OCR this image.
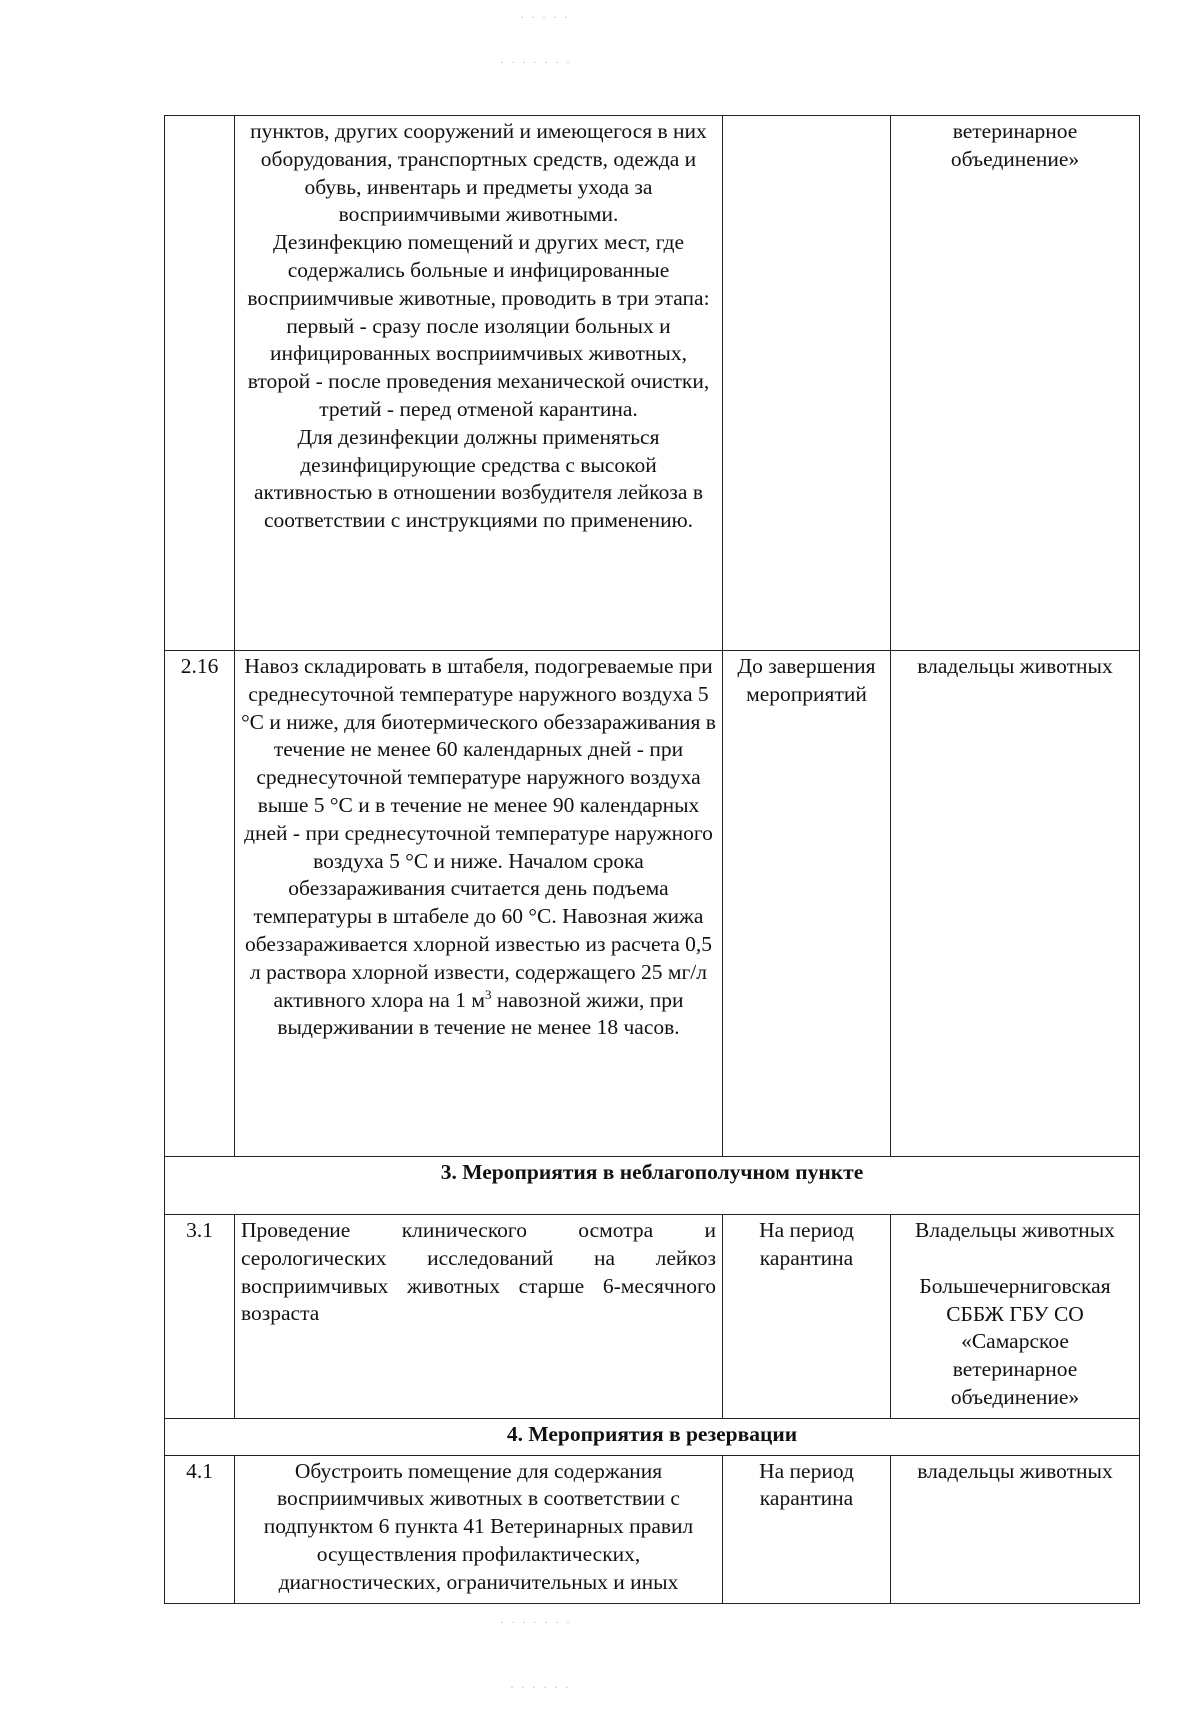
· · · · ·
· · · · · · ·
· · · · · · ·
· · · · · ·

	пунктов, других сооружений и имеющегося в них оборудования, транспортных средств, одежда и обувь, инвентарь и предметы ухода за восприимчивыми животными.
Дезинфекцию помещений и других мест, где содержались больные и инфицированные восприимчивые животные, проводить в три этапа: первый - сразу после изоляции больных и инфицированных восприимчивых животных, второй - после проведения механической очистки, третий - перед отменой карантина.
Для дезинфекции должны применяться дезинфицирующие средства с высокой активностью в отношении возбудителя лейкоза в соответствии с инструкциями по применению.		ветеринарное объединение»
2.16	Навоз складировать в штабеля, подогреваемые при среднесуточной температуре наружного воздуха 5 °С и ниже, для биотермического обеззараживания в течение не менее 60 календарных дней - при среднесуточной температуре наружного воздуха выше 5 °С и в течение не менее 90 календарных дней - при среднесуточной температуре наружного воздуха 5 °С и ниже. Началом срока обеззараживания считается день подъема температуры в штабеле до 60 °С. Навозная жижа обеззараживается хлорной известью из расчета 0,5 л раствора хлорной извести, содержащего 25 мг/л активного хлора на 1 $м^3$ навозной жижи, при выдерживании в течение не менее 18 часов.	До завершения мероприятий	владельцы животных
3. Мероприятия в неблагополучном пункте			
3.1	Проведение клинического осмотра и серологических исследований на лейкоз восприимчивых животных старше 6-месячного возраста	На период карантина	Владельцы животных
Большечерниговская СББЖ ГБУ СО «Самарское ветеринарное объединение»

4. Мероприятия в резервации			
4.1	Обустроить помещение для содержания восприимчивых животных в соответствии с подпунктом 6 пункта 41 Ветеринарных правил осуществления профилактических, диагностических, ограничительных и иных	На период карантина	владельцы животных
